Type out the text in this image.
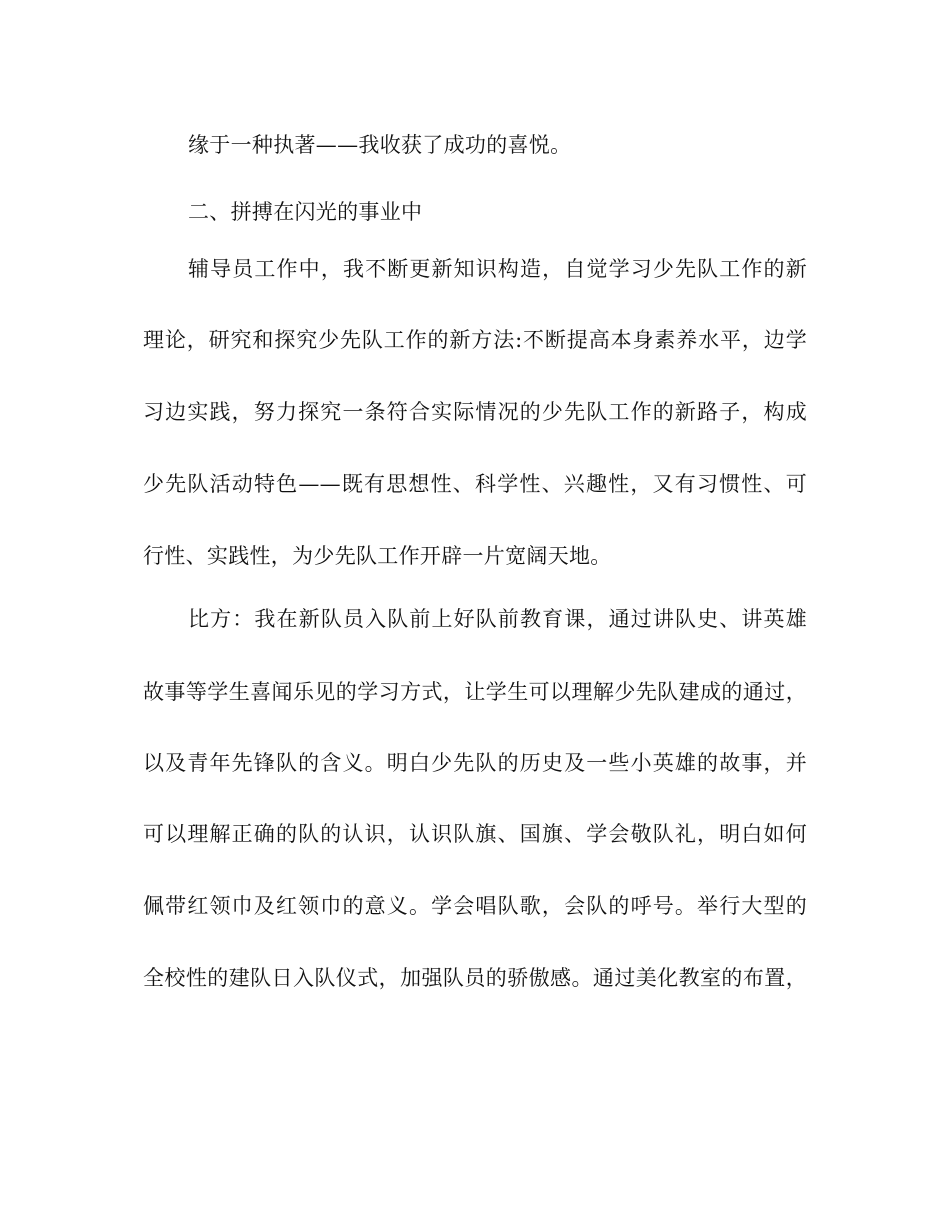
缘于一种执著——我收获了成功的喜悦。
二、拼搏在闪光的事业中
辅导员工作中，我不断更新知识构造，自觉学习少先队工作的新
理论，研究和探究少先队工作的新方法:不断提高本身素养水平，边学
习边实践，努力探究一条符合实际情况的少先队工作的新路子，构成
少先队活动特色——既有思想性、科学性、兴趣性，又有习惯性、可
行性、实践性，为少先队工作开辟一片宽阔天地。
比方：我在新队员入队前上好队前教育课，通过讲队史、讲英雄
故事等学生喜闻乐见的学习方式，让学生可以理解少先队建成的通过，
以及青年先锋队的含义。明白少先队的历史及一些小英雄的故事，并
可以理解正确的队的认识，认识队旗、国旗、学会敬队礼，明白如何
佩带红领巾及红领巾的意义。学会唱队歌，会队的呼号。举行大型的
全校性的建队日入队仪式，加强队员的骄傲感。通过美化教室的布置，
